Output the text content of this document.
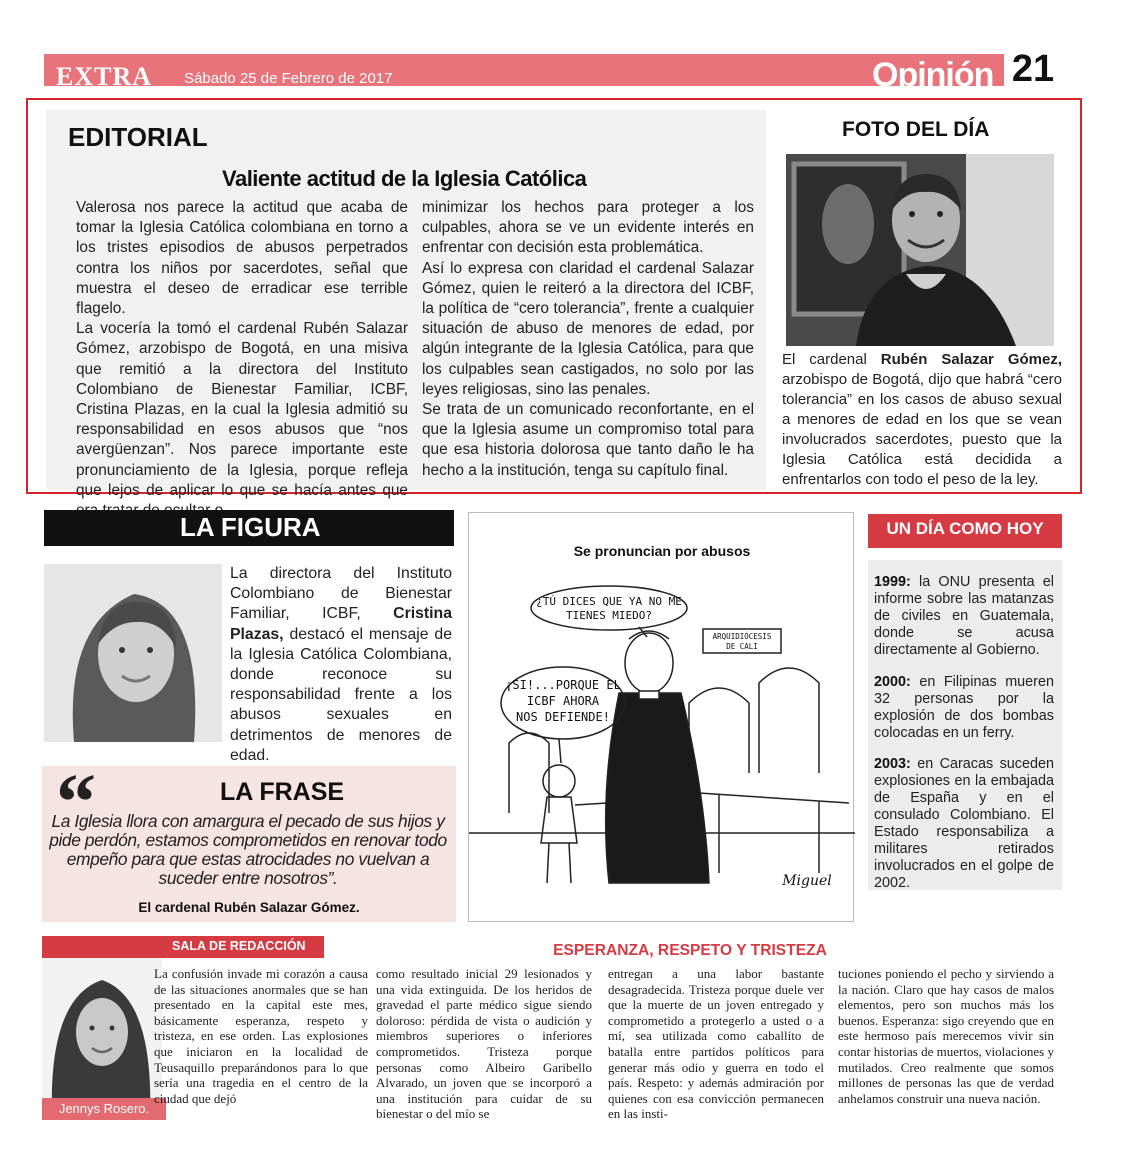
EXTRA Sábado 25 de Febrero de 2017	Opinión 21
EDITORIAL
Valiente actitud de la Iglesia Católica

Valerosa nos parece la actitud que acaba de tomar la Iglesia Católica colombiana en torno a los tristes episodios de abusos perpetrados contra los niños por sacerdotes, señal que muestra el deseo de erradicar ese terrible flagelo.

La vocería la tomó el cardenal Rubén Salazar Gómez, arzobispo de Bogotá, en una misiva que remitió a la directora del Instituto Colombiano de Bienestar Familiar, ICBF, Cristina Plazas, en la cual la Iglesia admitió su responsabilidad en esos abusos que “nos avergüenzan”. Nos parece importante este pronunciamiento de la Iglesia, porque refleja que lejos de aplicar lo que se hacía antes que

minimizar los hechos para proteger a los culpables, ahora se ve un evidente interés en enfrentar con decisión esta problemática.

Así lo expresa con claridad el cardenal Salazar Gómez, quien le reiteró a la directora del ICBF, la política de “cero tolerancia”, frente a cualquier situación de abuso de menores de edad, por algún integrante de la Iglesia Católica, para que los culpables sean castigados, no solo por las leyes religiosas, sino las penales.

Se trata de un comunicado reconfortante, en el que la Iglesia asume un compromiso total para que esa historia dolorosa que tanto daño le ha hecho a la institución, tenga su capítulo final.

FOTO DEL DÍA
El cardenal Rubén Salazar Gómez, arzobispo de Bogotá, dijo que habrá “cero tolerancia” en los casos de abuso sexual a menores de edad en los que se vean involucrados sacerdotes, puesto que la Iglesia Católica está decidida a enfrentarlos con todo el peso de la ley.
LA FIGURA
La directora del Instituto Colombiano de Bienestar Familiar, ICBF, Cristina Plazas, destacó el mensaje de la Iglesia Católica Colombiana, donde reconoce su responsabilidad frente a los abusos sexuales en detrimentos de menores de edad.
“	LA FRASE
La Iglesia llora con amargura el pecado de sus hijos y pide perdón, estamos comprometidos en renovar todo empeño para que estas atrocidades no vuelvan a suceder entre nosotros”.
El cardenal Rubén Salazar Gómez.
Se pronuncian por abusos
¿TÚ DICES QUE YA NO ME
TIENES MIEDO?
¡SI!...PORQUE EL
ICBF AHORA
NOS DEFIENDE!
ARQUIDIÓCESIS
DE CALI
Miguel
UN DÍA COMO HOY
1999: la ONU presenta el informe sobre las matanzas de civiles en Guatemala, donde se acusa directamente al Gobierno.
2000: en Filipinas mueren 32 personas por la explosión de dos bombas colocadas en un ferry.
2003: en Caracas suceden explosiones en la embajada de España y en el consulado Colombiano. El Estado responsabiliza a militares retirados involucrados en el golpe de 2002.
SALA DE REDACCIÓN
Jennys Rosero.
ESPERANZA, RESPETO Y TRISTEZA
La confusión invade mi corazón a causa de las situaciones anormales que se han presentado en la capital este mes, básicamente esperanza, respeto y tristeza, en ese orden. Las explosiones que iniciaron en la localidad de Teusaquillo preparándonos para lo que sería una tragedia en el centro de la ciudad que dejó
como resultado inicial 29 lesionados y una vida extinguida. De los heridos de gravedad el parte médico sigue siendo doloroso: pérdida de vista o audición y miembros superiores o inferiores comprometidos. Tristeza porque personas como Albeiro Garibello Alvarado, un joven que se incorporó a una institución para cuidar de su bienestar o del mío se
entregan a una labor bastante desagradecida. Tristeza porque duele ver que la muerte de un joven entregado y comprometido a protegerlo a usted o a mí, sea utilizada como caballito de batalla entre partidos políticos para generar más odio y guerra en todo el país. Respeto: y además admiración por quienes con esa convicción permanecen en las insti-
tuciones poniendo el pecho y sirviendo a la nación. Claro que hay casos de malos elementos, pero son muchos más los buenos. Esperanza: sigo creyendo que en este hermoso país merecemos vivir sin contar historias de muertos, violaciones y mutilados. Creo realmente que somos millones de personas las que de verdad anhelamos construir una nueva nación.
